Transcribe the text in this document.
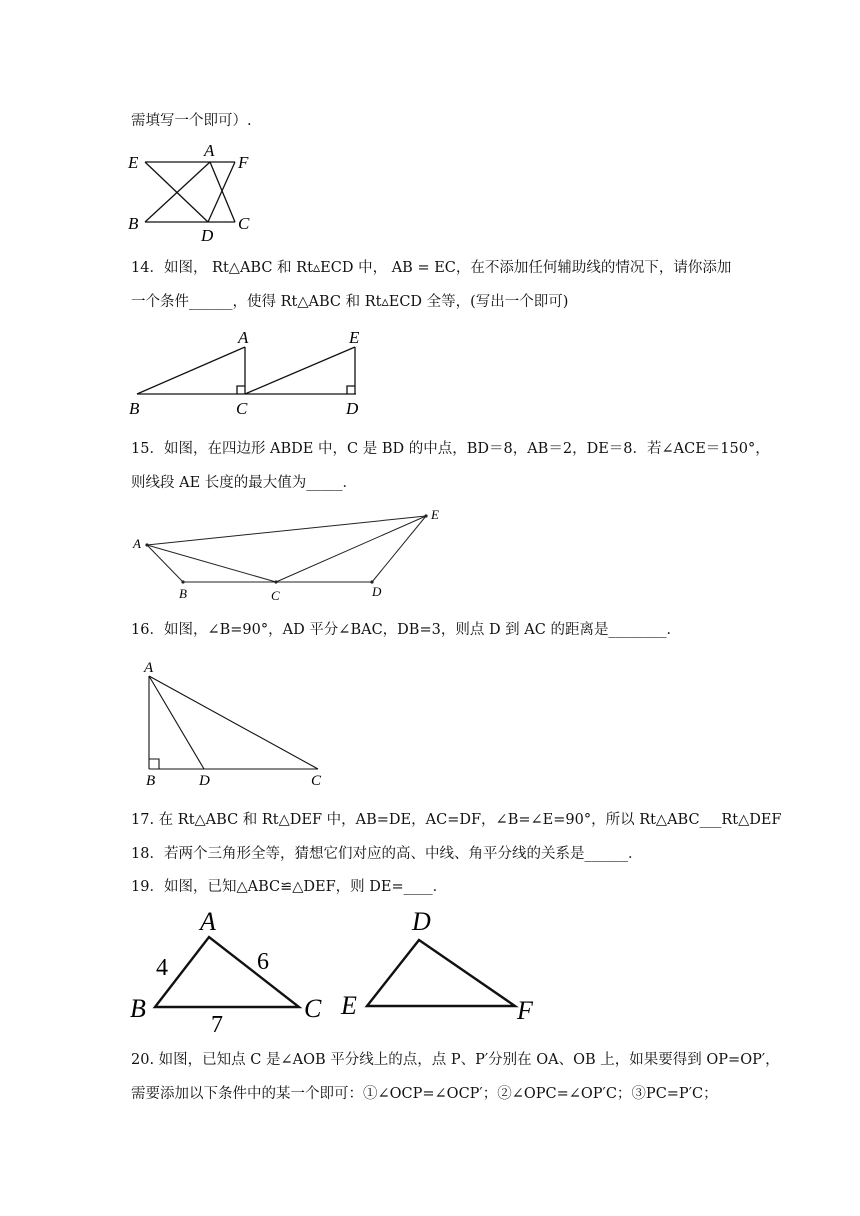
需填写一个即可）.
E
A
F
B
D
C
14．如图， Rt△ABC 和 Rt▵ECD 中， AB = EC，在不添加任何辅助线的情况下，请你添加
一个条件______，使得 Rt△ABC 和 Rt▵ECD 全等，(写出一个即可)
A	E
B	C	D
15．如图，在四边形 ABDE 中，C 是 BD 的中点，BD＝8，AB＝2，DE＝8．若∠ACE＝150°，
则线段 AE 长度的最大值为_____．
A
E
B	C	D
16．如图，∠B=90°，AD 平分∠BAC，DB=3，则点 D 到 AC 的距离是________．
A
B	D	C
17. 在 Rt△ABC 和 Rt△DEF 中，AB=DE，AC=DF，∠B=∠E=90°，所以 Rt△ABC___Rt△DEF
18．若两个三角形全等，猜想它们对应的高、中线、角平分线的关系是______．
19．如图，已知△ABC≌△DEF，则 DE=____．
A
B	C
4	6
7
D
E	F
20. 如图，已知点 C 是∠AOB 平分线上的点，点 P、P′分别在 OA、OB 上，如果要得到 OP=OP′，
需要添加以下条件中的某一个即可：①∠OCP=∠OCP′；②∠OPC=∠OP′C；③PC=P′C；
